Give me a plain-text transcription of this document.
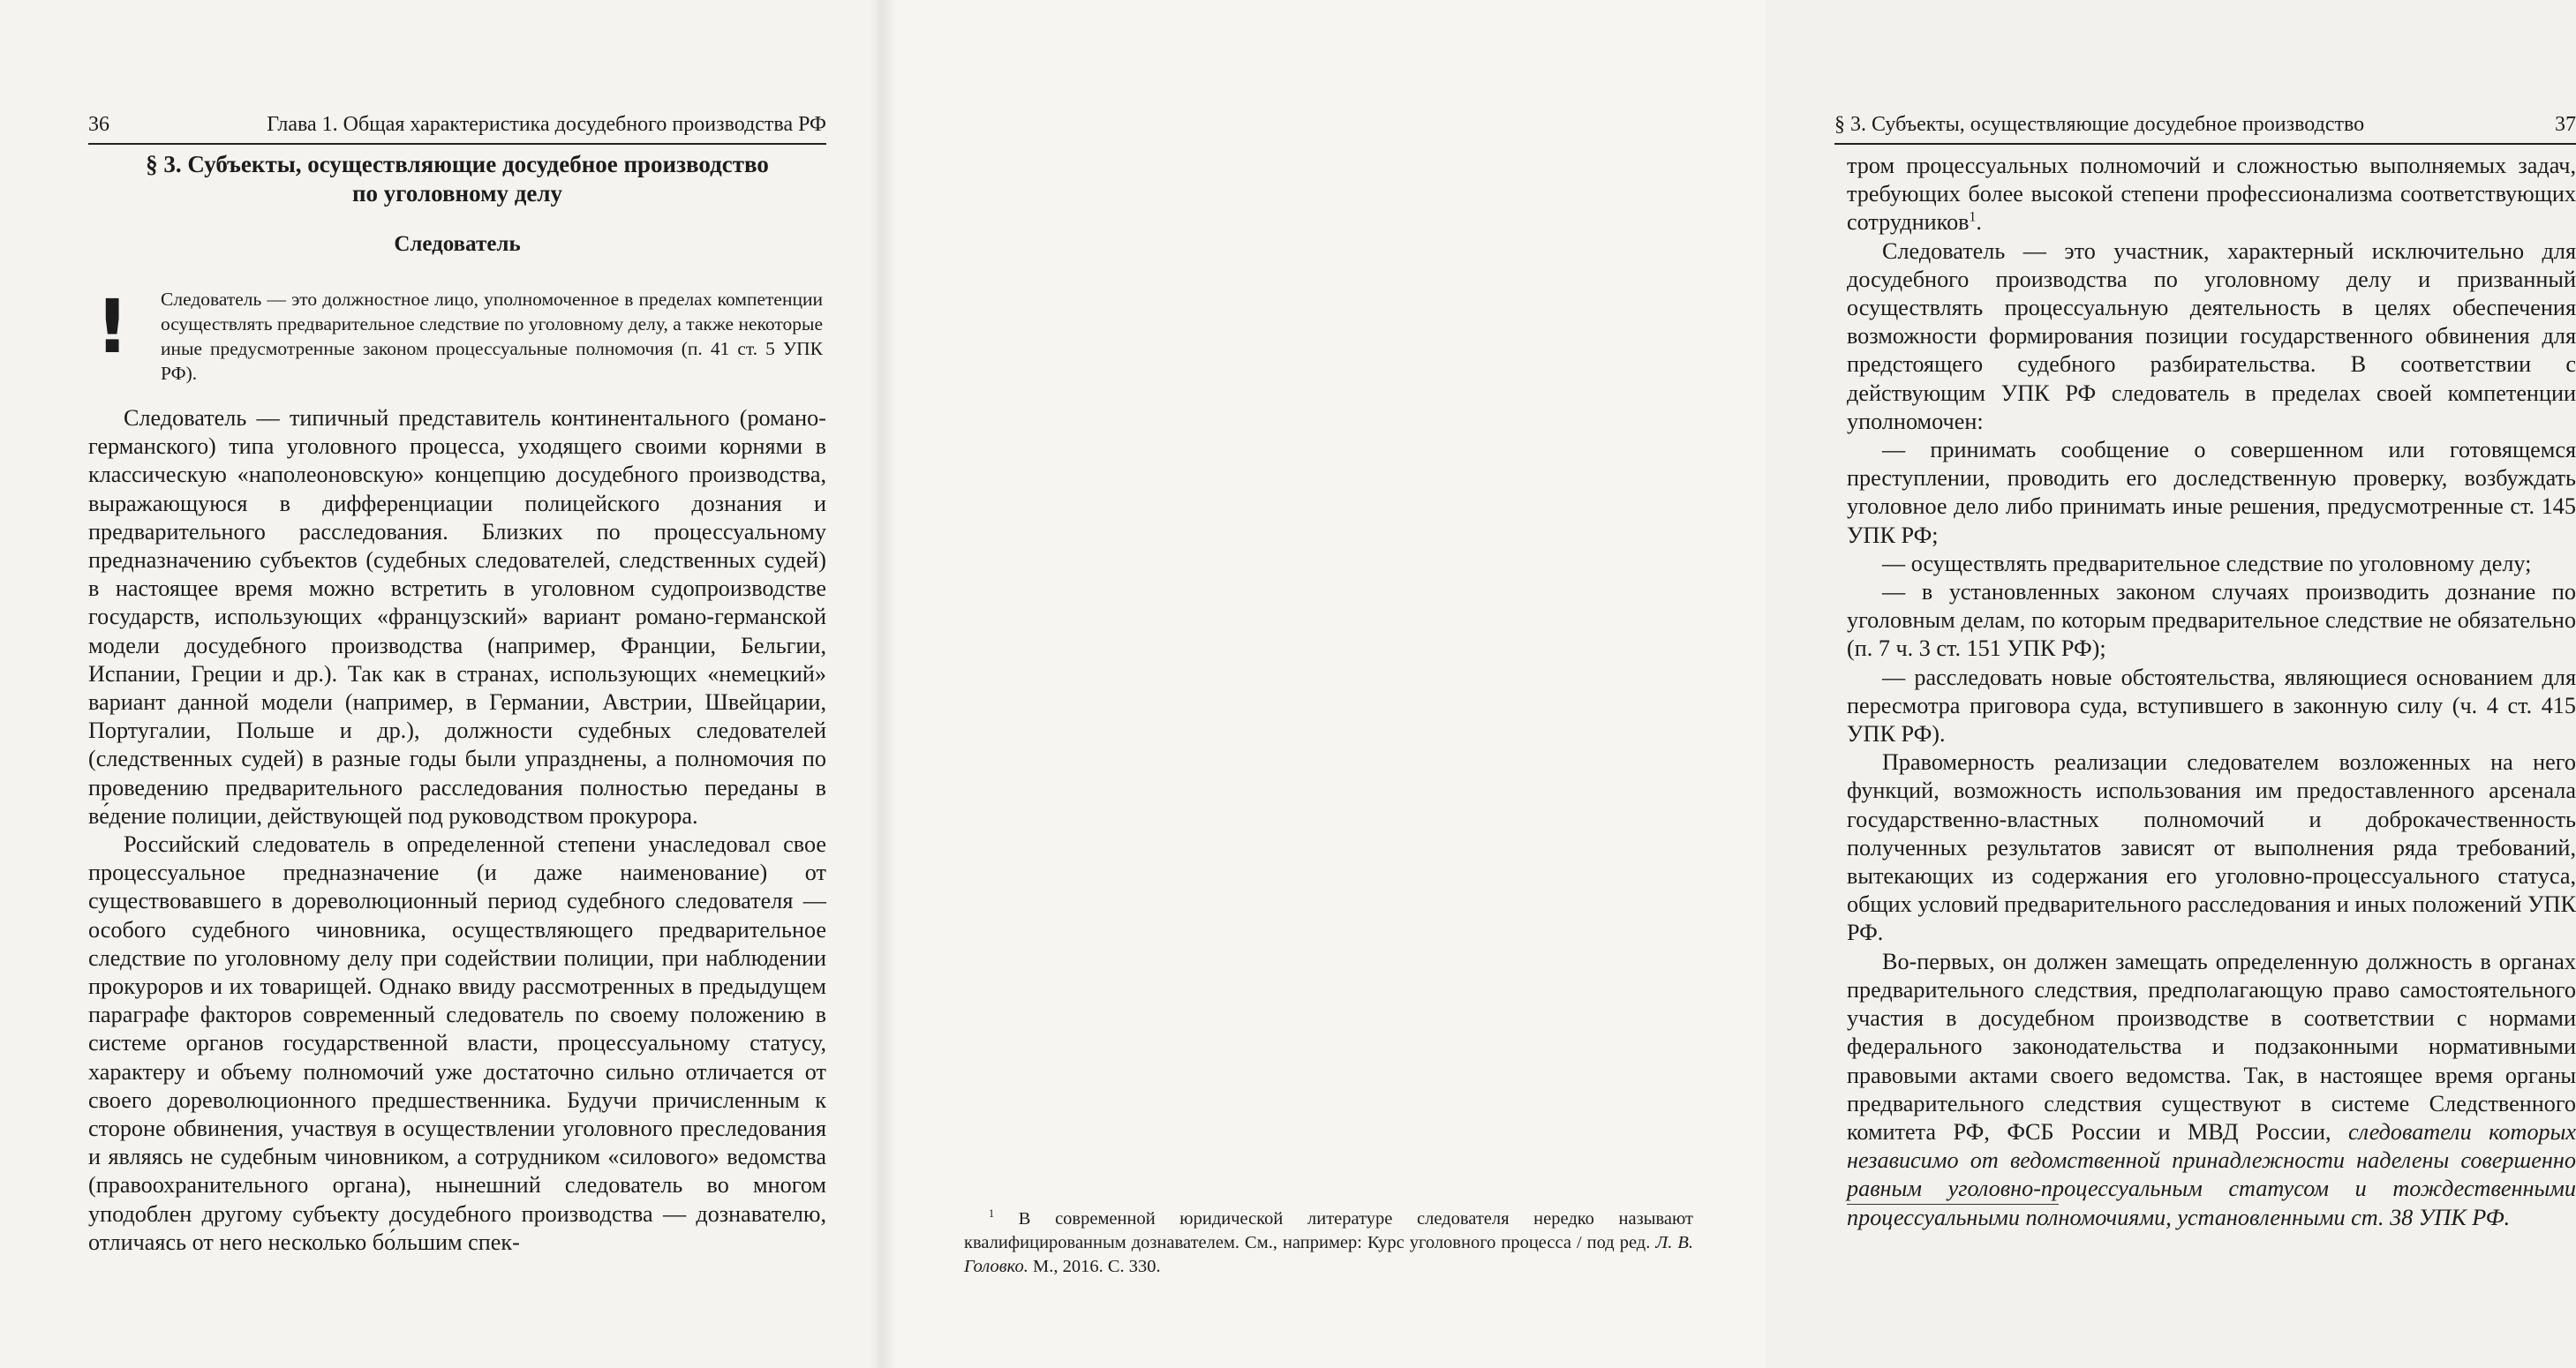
36	Глава 1. Общая характеристика досудебного производства РФ
§ 3. Субъекты, осуществляющие досудебное производство
по уголовному делу
Следователь
! Следователь — это должностное лицо, уполномоченное в пределах компетенции осуществлять предварительное следствие по уголовному делу, а также некоторые иные предусмотренные законом процессуальные полномочия (п. 41 ст. 5 УПК РФ).

Следователь — типичный представитель континентального (романо-германского) типа уголовного процесса, уходящего своими корнями в классическую «наполеоновскую» концепцию досудебного производства, выражающуюся в дифференциации полицейского дознания и предварительного расследования. Близких по процессуальному предназначению субъектов (судебных следователей, следственных судей) в настоящее время можно встретить в уголовном судопроизводстве государств, использующих «французский» вариант романо-германской модели досудебного производства (например, Франции, Бельгии, Испании, Греции и др.). Так как в странах, использующих «немецкий» вариант данной модели (например, в Германии, Австрии, Швейцарии, Португалии, Польше и др.), должности судебных следователей (следственных судей) в разные годы были упразднены, а полномочия по проведению предварительного расследования полностью переданы в ве́дение полиции, действующей под руководством прокурора.

Российский следователь в определенной степени унаследовал свое процессуальное предназначение (и даже наименование) от существовавшего в дореволюционный период судебного следователя — особого судебного чиновника, осуществляющего предварительное следствие по уголовному делу при содействии полиции, при наблюдении прокуроров и их товарищей. Однако ввиду рассмотренных в предыдущем параграфе факторов современный следователь по своему положению в системе органов государственной власти, процессуальному статусу, характеру и объему полномочий уже достаточно сильно отличается от своего дореволюционного предшественника. Будучи причисленным к стороне обвинения, участвуя в осуществлении уголовного преследования и являясь не судебным чиновником, а сотрудником «силового» ведомства (правоохранительного органа), нынешний следователь во многом уподоблен другому субъекту досудебного производства — дознавателю, отличаясь от него несколько бо́льшим спек-

§ 3. Субъекты, осуществляющие досудебное производство	37

тром процессуальных полномочий и сложностью выполняемых задач, требующих более высокой степени профессионализма соответствующих сотрудников$^1$.

Следователь — это участник, характерный исключительно для досудебного производства по уголовному делу и призванный осуществлять процессуальную деятельность в целях обеспечения возможности формирования позиции государственного обвинения для предстоящего судебного разбирательства. В соответствии с действующим УПК РФ следователь в пределах своей компетенции уполномочен:

— принимать сообщение о совершенном или готовящемся преступлении, проводить его доследственную проверку, возбуждать уголовное дело либо принимать иные решения, предусмотренные ст. 145 УПК РФ;

— осуществлять предварительное следствие по уголовному делу;

— в установленных законом случаях производить дознание по уголовным делам, по которым предварительное следствие не обязательно (п. 7 ч. 3 ст. 151 УПК РФ);

— расследовать новые обстоятельства, являющиеся основанием для пересмотра приговора суда, вступившего в законную силу (ч. 4 ст. 415 УПК РФ).

Правомерность реализации следователем возложенных на него функций, возможность использования им предоставленного арсенала государственно-властных полномочий и доброкачественность полученных результатов зависят от выполнения ряда требований, вытекающих из содержания его уголовно-процессуального статуса, общих условий предварительного расследования и иных положений УПК РФ.

Во-первых, он должен замещать определенную должность в органах предварительного следствия, предполагающую право самостоятельного участия в досудебном производстве в соответствии с нормами федерального законодательства и подзаконными нормативными правовыми актами своего ведомства. Так, в настоящее время органы предварительного следствия существуют в системе Следственного комитета РФ, ФСБ России и МВД России, следователи которых независимо от ведомственной принадлежности наделены совершенно равным уголовно-процессуальным статусом и тождественными процессуальными полномочиями, установленными ст. 38 УПК РФ.

$^1$ В современной юридической литературе следователя нередко называют квалифицированным дознавателем. См., например: Курс уголовного процесса / под ред. Л. В. Головко. М., 2016. С. 330.
